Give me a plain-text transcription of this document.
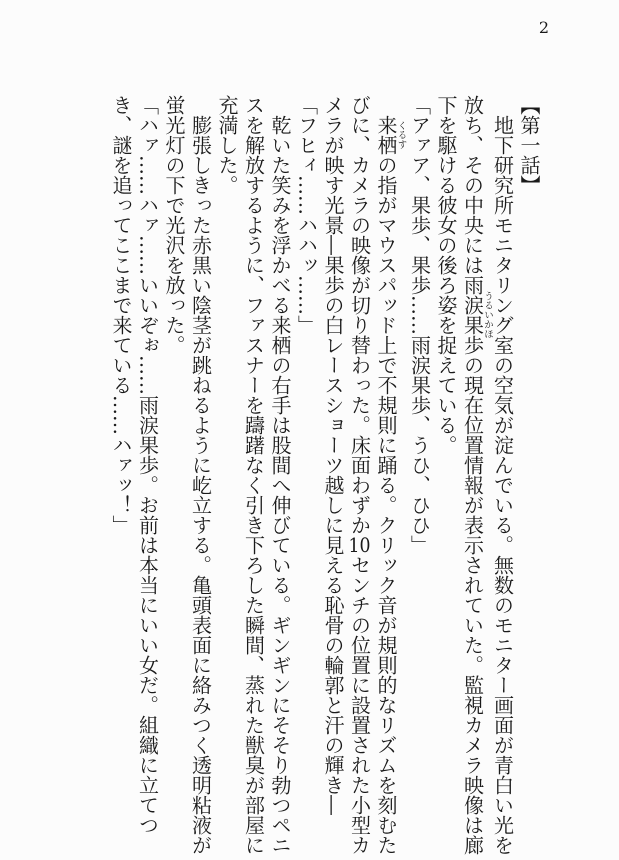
2

【第一話】

地下研究所モニタリング室の空気が淀んでいる。無数のモニター画面が青白い光を放ち、その中央には雨涙果歩うるいかほの現在位置情報が表示されていた。監視カメラ映像は廊下を駆ける彼女の後ろ姿を捉えている。

「アァア、果歩、果歩……雨涙果歩、うひ、ひひ」

来栖くるすの指がマウスパッド上で不規則に踊る。クリック音が規則的なリズムを刻むたびに、カメラの映像が切り替わった。床面わずか10センチの位置に設置された小型カメラが映す光景―果歩の白レースショーツ越しに見える恥骨の輪郭と汗の輝き―

「フヒィ……ハハッ……」

乾いた笑みを浮かべる来栖の右手は股間へ伸びている。ギンギンにそそり勃つペニスを解放するように、ファスナーを躊躇なく引き下ろした瞬間、蒸れた獣臭が部屋に充満した。

膨張しきった赤黒い陰茎が跳ねるように屹立する。亀頭表面に絡みつく透明粘液が蛍光灯の下で光沢を放った。

「ハァ……ハァ……いいぞぉ……雨涙果歩。お前は本当にいい女だ。組織に立てつき、謎を追ってここまで来ている……ハァッ！」
